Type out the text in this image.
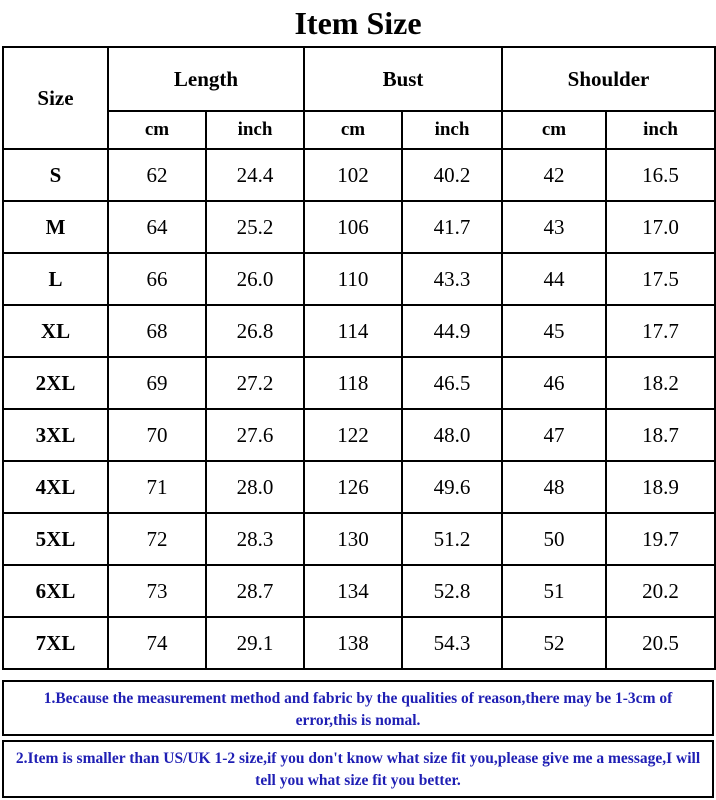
Item Size
Size	Length		Bust		Shoulder	
	cm	inch	cm	inch	cm	inch
S	62	24.4	102	40.2	42	16.5
M	64	25.2	106	41.7	43	17.0
L	66	26.0	110	43.3	44	17.5
XL	68	26.8	114	44.9	45	17.7
2XL	69	27.2	118	46.5	46	18.2
3XL	70	27.6	122	48.0	47	18.7
4XL	71	28.0	126	49.6	48	18.9
5XL	72	28.3	130	51.2	50	19.7
6XL	73	28.7	134	52.8	51	20.2
7XL	74	29.1	138	54.3	52	20.5
1.Because the measurement method and fabric by the qualities of reason,there may be 1-3cm of error,this is nomal.
2.Item is smaller than US/UK 1-2 size,if you don't know what size fit you,please give me a message,I will tell you what size fit you better.
